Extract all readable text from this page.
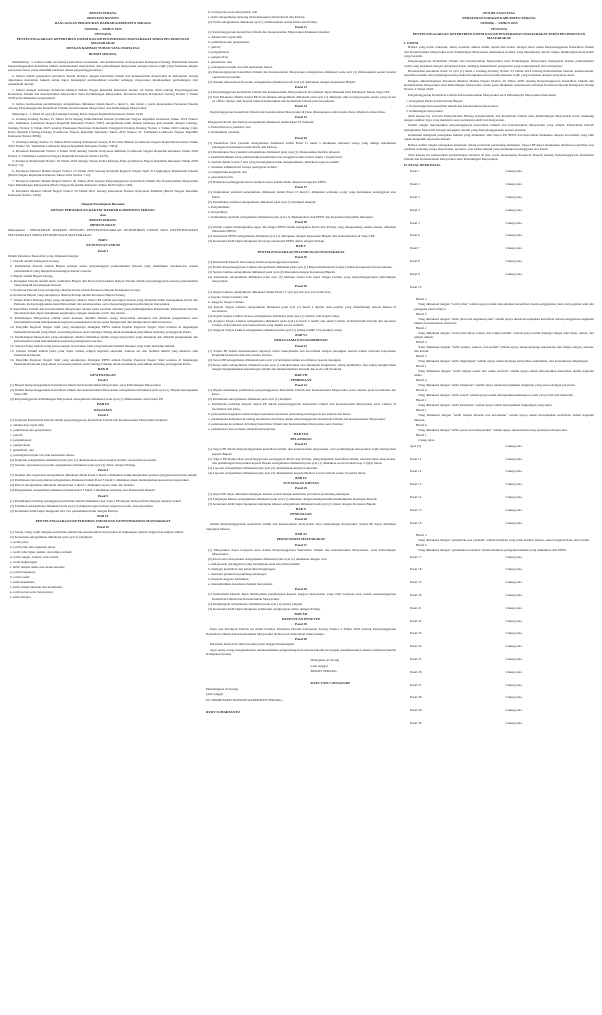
BUPATI SERANG
PROVINSI BANTEN
RANCANGAN PERATURAN DAERAH KABUPATEN SERANG
NOMOR ... TAHUN 2025
TENTANG
PENYELENGGARAAN KETERTIBAN UMUM DAN KETENTERAMAN MASYARAKAT SERTA PELINDUNGAN MASYARAKAT
DENGAN RAHMAT TUHAN YANG MAHA ESA
BUPATI SERANG,

Menimbang : a. bahwa untuk terciptanya ketertiban, keamanan, dan ketenteraman di masyarakat Kabupaten Serang, Pemerintah Daerah menyelenggarakan ketertiban umum, ketenteraman masyarakat, dan perlindungan masyarakat sebagai urusan wajib yang berkaitan dengan pelayanan dasar, perlu memiliki landasan dalam penyelenggaraannya;

b. bahwa dalam penegakan peraturan daerah terdapat dengan ketertiban umum dan ketenteraman masyarakat di Kabupaten Serang diperlukan instrumen hukum untuk dapat menangani permasalahan tersebut sehingga masyarakat mendapatkan perlindungan dari pemerintah daerah;

c. bahwa dengan terbitnya Peraturan Menteri Dalam Negeri Republik Indonesia Nomor 26 Tahun 2020 tentang Penyelenggaraan Ketertiban Umum dan Ketenteraman Masyarakat Serta Perlindungan Masyarakat, Peraturan Daerah Kabupaten Serang Nomor 2 Tahun 2018 perlu dilakukan penyesuaian;

d. bahwa berdasarkan pertimbangan sebagaimana dimaksud dalam huruf a, huruf b, dan huruf c, perlu menetapkan Peraturan Daerah tentang Penyelenggaraan Ketertiban Umum, Ketenteraman Masyarakat, dan Pelindungan Masyarakat;

Mengingat : 1. Pasal 18 ayat (6) Undang-Undang Dasar Negara Republik Indonesia Tahun 1945;

2. Undang-Undang Nomor 23 Tahun 2014 tentang Pemerintahan Daerah (Lembaran Negara Republik Indonesia Tahun 2014 Nomor 244, Tambahan Lembaran Negara Republik Indonesia Nomor 5587) sebagaimana telah diubah beberapa kali terakhir dengan Undang-Undang Nomor 6 Tahun 2023 tentang Penetapan Peraturan Pemerintah Pengganti Undang-Undang Nomor 2 Tahun 2022 tentang Cipta Kerja menjadi Undang-Undang (Lembaran Negara Republik Indonesia Tahun 2023 Nomor 41, Tambahan Lembaran Negara Republik Indonesia Nomor 6856);

3. Undang-Undang Nomor 15 Tahun 2024 tentang Kabupaten Serang di Provinsi Banten (Lembaran Negara Republik Indonesia Tahun 2024 Nomor 93, Tambahan Lembaran Negara Republik Indonesia Nomor 7004);

4. Peraturan Pemerintah Nomor 2 Tahun 2018 tentang Standar Pelayanan Minimal (Lembaran Negara Republik Indonesia Tahun 2018 Nomor 2, Tambahan Lembaran Negara Republik Indonesia Nomor 6178);

5. Peraturan Pemerintah Nomor 16 Tahun 2018 tentang Satuan Polisi Pamong Praja (Lembaran Negara Republik Indonesia Tahun 2018 Nomor 72);

6. Peraturan Menteri Dalam Negeri Nomor 25 Tahun 2019 tentang Penyidik Pegawai Negeri Sipil di Lingkungan Pemerintah Daerah (Berita Negara Republik Indonesia Tahun 2019 Nomor 714);

7. Peraturan Menteri Dalam Negeri Nomor 26 Tahun 2020 tentang Penyelenggaraan Ketertiban Umum dan Ketenteraman Masyarakat Serta Pelindungan Masyarakat (Berita Negara Republik Indonesia Tahun 2020 Nomor 548);

8. Peraturan Menteri Dalam Negeri Nomor 59 Tahun 2021 tentang Penerapan Standar Pelayanan Minimal (Berita Negara Republik Indonesia Nomor 1419);

Dengan Persetujuan Bersama
DEWAN PERWAKILAN RAKYAT DAERAH KABUPATEN SERANG
dan
BUPATI SERANG
MEMUTUSKAN:

Menetapkan : PERATURAN DAERAH TENTANG PENYELENGGARAAN KETERTIBAN UMUM DAN KETENTERAMAN MASYARAKAT SERTA PELINDUNGAN MASYARAKAT.

BAB I
KETENTUAN UMUM
Pasal 1

Dalam Peraturan Daerah ini yang dimaksud dengan:

1. Daerah adalah Kabupaten Serang.

2. Pemerintah Daerah adalah Bupati sebagai unsur penyelenggara pemerintahan Daerah yang memimpin pelaksanaan urusan pemerintahan yang menjadi kewenangan daerah otonom.

3. Bupati adalah Bupati Serang.

4. Perangkat Daerah adalah unsur pembantu Bupati dan Dewan Perwakilan Rakyat Daerah dalam penyelenggaraan urusan pemerintahan yang menjadi kewenangan Daerah.

5. Peraturan Daerah yang selanjutnya disebut Perda adalah Peraturan Daerah Kabupaten Serang.

6. Peraturan Bupati yang selanjutnya disebut Perbup adalah Peraturan Bupati Serang.

7. Satuan Polisi Pamong Praja yang selanjutnya disebut Satpol PP adalah perangkat daerah yang dibentuk untuk menegakkan Perda dan Perkada, menyelenggarakan ketertiban umum dan ketenteraman, serta menyelenggarakan pelindungan masyarakat.

8. Ketertiban Umum dan Ketenteraman Masyarakat adalah suatu keadaan dinamis yang memungkinkan Pemerintah, Pemerintah Daerah, dan masyarakat dapat melakukan kegiatannya dengan tenteram, tertib, dan teratur.

9. Pelindungan Masyarakat adalah suatu keadaan dinamis dimana warga masyarakat disiapkan dan dibekali pengetahuan serta keterampilan untuk melaksanakan kegiatan penanganan bencana guna mengurangi dan memperkecil akibat bencana.

10. Penyidik Pegawai Negeri Sipil yang selanjutnya disingkat PPNS adalah Pejabat Pegawai Negeri Sipil tertentu di lingkungan Pemerintah Daerah yang diberi wewenang khusus oleh Undang-Undang untuk melakukan penyidikan terhadap pelanggaran Perda.

11. Perlindungan Masyarakat yang selanjutnya disebut Satlinmas adalah warga masyarakat yang disiapkan dan dibekali pengetahuan dan keterampilan untuk melaksanakan kegiatan penanganan bencana.

12. Setiap Orang adalah orang perseorangan atau badan, baik yang berbadan hukum maupun yang tidak berbadan hukum.

13. Tempat Umum adalah jalan, jalur hijau, taman, tempat kegiatan ekonomi, saluran air, dan fasilitas umum yang dikelola oleh Pemerintah Daerah.

14. Penyidik Pegawai Negeri Sipil yang selanjutnya disingkat PPNS adalah Pejabat Pegawai Negeri Sipil tertentu di lingkungan Pemerintah Daerah yang diberi wewenang khusus oleh Undang-Undang untuk melakukan penyidikan terhadap pelanggaran Perda.

BAB II
KEWENANGAN
Pasal 2

(1) Bupati menyelenggarakan Ketertiban Umum dan Ketenteraman Masyarakat, serta Pelindungan Masyarakat.

(2) Dalam menyelenggarakan Ketertiban Umum dan Ketenteraman Masyarakat sebagaimana dimaksud pada ayat (1), Bupati menugaskan Satpol PP.

(3) Penyelenggaraan Pelindungan Masyarakat sebagaimana dimaksud pada ayat (1) dilaksanakan oleh Satpol PP.

BAB III
KEGIATAN
Pasal 3

(1) Kegiatan Pemerintah Daerah dalam penyelenggaraan Ketertiban Umum dan Ketenteraman Masyarakat meliputi:

a. deteksi dan cegah dini;

b. pembinaan dan penyuluhan;

c. patroli;

d. pengamanan;

e. pengawalan;

f. penertiban; dan

g. penanganan unjuk rasa dan kerusuhan massa.

(2) Kegiatan sebagaimana dimaksud pada ayat (1) dilaksanakan sesuai dengan standar operasional prosedur.

(3) Standar operasional prosedur sebagaimana dimaksud pada ayat (2) diatur dengan Perbup.

Pasal 4

(1) Deteksi dan cegah dini sebagaimana dimaksud dalam Pasal 3 huruf a dilakukan untuk mengetahui potensi gangguan ketertiban umum.

(2) Pembinaan dan penyuluhan sebagaimana dimaksud dalam Pasal 3 huruf b dilakukan untuk meningkatkan kesadaran masyarakat.

(3) Patroli sebagaimana dimaksud dalam Pasal 3 huruf c dilakukan secara rutin dan berkala.

(4) Pengamanan sebagaimana dimaksud dalam Pasal 3 huruf d dilakukan terhadap aset Pemerintah Daerah.

Pasal 5

(1) Penindakan terhadap pelanggaran ketertiban umum dilakukan oleh Satpol PP dengan berkoordinasi dengan instansi terkait.

(2) Tindakan sebagaimana dimaksud pada ayat (1) meliputi teguran lisan, teguran tertulis, dan penertiban.

(3) Ketentuan lebih lanjut mengenai tata cara penindakan diatur dengan Perbup.

BAB IV
PENYELENGGARAAN KETERTIBAN UMUM DAN KETENTERAMAN MASYARAKAT
Pasal 10

(1) Setiap orang wajib menjaga ketertiban umum dan ketenteraman masyarakat di lingkungan tempat tinggal dan tempat umum.

(2) Ketentuan sebagaimana dimaksud pada ayat (1) meliputi:

a. tertib jalan;

b. tertib jalan dan angkutan jalan;

c. tertib jalur hijau, taman, dan tempat umum;

d. tertib sungai, saluran, dan kolam;

e. tertib lingkungan;

f. tertib tempat usaha dan usaha tertentu;

g. tertib bangunan;

h. tertib sosial;

i. tertib kesehatan;

j. tertib tempat hiburan dan keramaian;

k. tertib peran serta masyarakat;

l. tertib lainnya.

h. tertib peran serta masyarakat; dan

i. tertib sebagaimana tertuang telah ditetapkan dalam Perda dan Perbup.

(2) Tertib sebagaimana dimaksud ayat (1) dilaksanakan sesuai Perda dan Perbup.

Pasal 11

(1) Penyelenggaraan Ketertiban Umum dan Ketenteraman Masyarakat dilakukan melalui:

a. deteksi dan cegah dini;

b. pembinaan dan penyuluhan;

c. patroli;

d. pengamanan;

e. pengawalan;

f. penertiban; dan

g. penanganan unjuk rasa dan kerusuhan massa.

(2) Penyelenggaraan Ketertiban Umum dan Ketenteraman Masyarakat sebagaimana dimaksud pada ayat (1) dilaksanakan sesuai standar operasional prosedur.

(3) Standar Operasional Prosedur sebagaimana dimaksud pada ayat (2) ditetapkan dengan Keputusan Bupati.

Pasal 13

(1) Penyelenggaraan Ketertiban Umum dan Ketenteraman Masyarakat di Kecamatan dapat dibentuk Unit Pelaksana Teknis Satpol PP.

(2) Unit Pelaksana Teknis Satpol PP di kecamatan sebagaimana dimaksud pada ayat (1) dipimpin oleh seorang kepala satuan yang secara ex officio dijabat oleh Kepala Seksi Ketenteraman dan Ketertiban Umum pada kecamatan.

Pasal 14

Penyelenggaraan Ketertiban Umum dan Ketenteraman Masyarakat di Desa dilaksanakan oleh Kepala Desa dibantu Linmas Desa.

Pasal 15

Pengenaan Perda dan Perbup sebagaimana dimaksud dalam Pasal 10 meliputi:

a. Penertiban non yustisial; dan

b. Penindakan yustisial.

Pasal 16

(1) Penertiban Non yustisial sebagaimana dimaksud dalam Pasal 15 huruf a dilakukan terhadap warga yang diduga melakukan pelanggaran ketentuan dalam Perda dan Perbup.

(2) Penindakan Non yustisial sebagaimana dimaksud pada ayat (1) dilaksanakan melalui tahapan:

a. memberitahukan surat pemberitahuan kemudian dan sanggah tertulis dalam waktu 7 (tujuh) hari;

b. apabila dalam waktu 7 hari yang bersangkutan tidak mengindahkan, diberikan teguran tertulis;

c. tindakan administratif berupa peringatan tertulis;

d. penghentian kegiatan; dan

e. pencabutan izin.

(3) Dalam hal pelanggaran Perda terdapat unsur pidana maka dilaporkan kepada PPNS.

Pasal 17

(1) Penindakan yustisial sebagaimana dimaksud dalam Pasal 15 huruf b dilakukan terhadap orang yang melakukan pelanggaran atas Perda.

(2) Penindakan yustisial sebagaimana dimaksud pada ayat (1) meliputi tahapan:

a. Penyelidikan;

b. Penyidikan;

c. Penindakan yustisial sebagaimana dimaksud pada ayat (1) dilaksanakan oleh PPNS dan Kepolisian Republik Indonesia.

Pasal 18

(1) Dalam rangka meningkatkan tugas dan fungsi PPNS dalam penegakan Perda dan Perbup yang mengandung sanksi pidana, dibentuk Sekretariat PPNS.

(2) Sekretariat PPNS sebagaimana dimaksud ayat (1) ditetapkan dengan Keputusan Bupati dan berkedudukan di Satpol PP.

(3) Ketentuan lebih lanjut mengenai tata kerja sekretariat PPNS diatur dengan Perbup.

BAB V
PENYELENGGARAAN PELINDUNGAN MASYARAKAT
Pasal 19

(1) Pemerintah Daerah berwenang dalam penyelenggaraan Linmas.

(2) Dalam Penyelenggaraan Linmas sebagaimana dimaksud pada ayat (1) Bupati membentuk Satgas Linmas Kabupaten dan kecamatan.

(3) Satgas Linmas sebagaimana dimaksud pada ayat (2) ditetapkan dengan Keputusan Bupati.

(4) Keputusan sebagaimana dimaksud pada ayat (3) memuat antara lain tugas Satgas Linmas yang menyelenggarakan pelindungan masyarakat.

Pasal 20

(1) Satgas Linmas sebagaimana dimaksud dalam Pasal 17 ayat (2) dan ayat (3) terdiri atas:

a. Kepala Satgas Linmas; dan

b. Anggota Satgas Linmas.

(2) Kepala Satgas Linmas sebagaimana dimaksud pada ayat (1) huruf a dijabat oleh pejabat yang membidangi urusan linmas di kecamatan.

(3) Kepala Satgas Linmas di desa sebagaimana dimaksud pada ayat (1) dijabat oleh Kepala Desa.

(4) Anggota Satgas Linmas sebagaimana dimaksud pada ayat (1) huruf b terdiri atas unsur Linmas di Pemerintah Daerah dan Aparatur Linmas di Kecamatan dan Sukarelawan yang dipilih secara selektif.

(5) Anggota Satgas Linmas sebagaimana dimaksud pada ayat (1) paling sedikit 10 (sepuluh) orang.

BAB VI
KERJA SAMA DAN KOORDINASI
Pasal 21

(1) Satpol PP dalam melaksanakan tugasnya dapat bekerjasama dan koordinasi dengan perangkat daerah terkait dan/atau Kepolisian Republik Indonesia dan/atau tentara lainnya.

(2) Satpol PP sebagaimana dimaksud pada ayat (1) bertindak selaku koordinator operasi lapangan.

(3) Kerja sama sebagaimana dimaksud pada ayat (1) dilaksanakan atas hubungan fungsional, saling membantu, dan saling menghormati dengan mengutamakan kepentingan umum dan memperhatikan hierarki dan kode etik birokrasi.

BAB VII
PEMBINAAN
Pasal 22

(1) Bupati melakukan pembinaan penyelenggaraan Ketertiban Umum dan Ketenteraman Masyarakat serta Linmas pada kecamatan dan Desa.

(2) Pembinaan sebagaimana dimaksud pada ayat (1) meliputi:

a. Pembinaan terhadap Kepala Satpol PP dalam penyelenggaraan Ketertiban Umum dan Ketenteraman Masyarakat serta Linmas di kecamatan dan Desa.

b. penyusunan Kegiatan sesuai dengan ketentuan peraturan perundang-undangan di kecamatan dan Desa;

c. pelaksanaan kebijakan di bidang kecamatan dan Desa dalam penyelenggaraan Ketertiban Umum dan Ketenteraman Masyarakat;

d. pelaksanaan koordinasi di bidang Ketertiban Umum dan Ketenteraman Masyarakat serta Linmas;

e. pemantauan dan evaluasi pelaksanaan kegiatan.

BAB VIII
PELAPORAN
Pasal 23

(1) Satpol PP dalam menyelenggarakan ketertiban umum, dan ketenteraman masyarakat, serta pelindungan masyarakat wajib melaporkan kepada Bupati.

(2) Satpol PP melaporkan penyelenggaraan pelanggaran Perda dan Perbup, menyampaikan ketertiban umum, ketenteraman masyarakat, dan pelindungan masyarakat kepada Bupati sebagaimana dimaksud pada ayat (1) dilakukan secara berkala tiap 3 (tiga) bulan.

(3) Laporan sebagaimana dimaksud pada ayat (2) disampaikan kepada Gubernur.

(4) Laporan sebagaimana dimaksud pada ayat (3) disampaikan kepada Menteri secara berkala setiap 6 (enam) bulan.

BAB IX
TUNJANGAN KHUSUS
Pasal 25

(1) Satpol PP dapat diberikan tunjangan khusus sesuai dengan ketentuan peraturan perundang-undangan.

(2) Tunjangan khusus sebagaimana dimaksud pada ayat (1) diberikan dengan memperhatikan kemampuan keuangan Daerah.

(3) Ketentuan lebih lanjut mengenai tunjangan khusus sebagaimana dimaksud pada ayat (1) diatur dengan Peraturan Bupati.

BAB X
PENDANAAN
Pasal 26

Dalam menyelenggarakan ketertiban umum dan ketenteraman masyarakat serta pelindungan masyarakat, Satpol PP dapat diberikan tunjangan khusus.

BAB XI
PERAN SERTA MASYARAKAT
Pasal 27

(1) Masyarakat dapat berperan serta dalam Penyelenggaraan Ketertiban Umum dan Ketenteraman Masyarakat, serta Pelindungan Masyarakat.

(2) Peran serta masyarakat sebagaimana dimaksud pada ayat (1) dilakukan dengan cara:

a. melaporkan pelanggaran yang berdampak pada ketertiban umum;

b. menjaga ketertiban dan kebersihan lingkungan;

c. mentaati peraturan perundang-undangan;

d. menjadi anggota Satlinmas;

e. menumbuhkan kesadaran hukum masyarakat.

Pasal 28

(1) Pemerintah Daerah dapat memberikan penghargaan kepada anggota masyarakat yang telah berperan serta dalam penyelenggaraan Ketertiban Umum dan Ketenteraman Masyarakat.

(2) Penghargaan sebagaimana dimaksud pada ayat (1) berupa piagam.

(3) Ketentuan lebih lanjut mengenai pemberian penghargaan diatur dengan Perbup.

BAB XII
KETENTUAN PENUTUP
Pasal 29

Pada saat Peraturan Daerah ini mulai berlaku, Peraturan Daerah Kabupaten Serang Nomor 2 Tahun 2018 tentang Penyelenggaraan Ketertiban Umum dan Ketenteraman Masyarakat dicabut dan dinyatakan tidak berlaku.

Pasal 30

Peraturan Daerah ini mulai berlaku pada tanggal diundangkan.

Agar setiap orang mengetahuinya, memerintahkan pengundangan Peraturan Daerah ini dengan penempatannya dalam Lembaran Daerah Kabupaten Serang.

Ditetapkan di Serang
pada tanggal
BUPATI SERANG,
RATU TATU CHASANAH
Diundangkan di Serang
pada tanggal
Plt. SEKRETARIS DAERAH KABUPATEN SERANG,
RUDY SUHARTANTO
PENJELASAN ATAS
PERATURAN DAERAH KABUPATEN SERANG
NOMOR ... TAHUN 2025
TENTANG
PENYELENGGARAAN KETERTIBAN UMUM DAN KETENTERAMAN MASYARAKAT SERTA PELINDUNGAN MASYARAKAT
I. UMUM

Bahwa yang tertib, tenteram, aman, nyaman, damai, indah, bersih dan teratur sebagai dasar untuk Penyelenggaraan Ketertiban Umum dan Ketenteraman Masyarakat serta Pelindungan Masyarakat merupakan kondisi yang mendukung dalam rangka membangun masyarakat yang beradab.

Penyelenggaraan Ketertiban Umum dan Ketenteraman Masyarakat serta Pelindungan Masyarakat merupakan urusan pemerintahan wajib yang berkaitan dengan pelayanan dasar, sehingga memerlukan pengaturan yang komprehensif dan terintegrasi.

Berdasarkan ketentuan Pasal 12 ayat (1) huruf e Undang-Undang Nomor 23 Tahun 2014 tentang Pemerintahan Daerah, ketenteraman, ketertiban umum dan pelindungan masyarakat merupakan urusan pemerintahan wajib yang berkaitan dengan pelayanan dasar.

Dengan dikeluarkannya Peraturan Menteri Dalam Negeri Nomor 26 Tahun 2020 tentang Penyelenggaraan Ketertiban Umum dan Ketenteraman Masyarakat serta Pelindungan Masyarakat, maka perlu dilakukan penyesuaian terhadap Peraturan Daerah Kabupaten Serang Nomor 2 Tahun 2018.

Penyelenggaraan Ketertiban Umum dan Ketenteraman Masyarakat serta Pelindungan Masyarakat mencakup:

1. Penegakan Perda dan Peraturan Bupati;

2. Penyelenggaraan ketertiban umum dan ketenteraman masyarakat;

3. Pelindungan masyarakat.

Oleh karena itu, Ujicoba Pemerintahan Bidang Ketenteraman dan Ketertiban Umum serta Perlindungan Masyarakat harus didukung dengan sumber daya yang memadai serta partisipasi aktif dari masyarakat.

Dalam rangka mewujudkan penyelenggaraan Ketertiban Umum dan Ketenteraman Masyarakat yang efektif, Pemerintah Daerah menugaskan Satpol PP sebagai perangkat daerah yang menyelenggarakan urusan tersebut.

Ketentuan mengenai penegakan hukum yang dilakukan oleh Satpol PP, PPNS dan Kepolisian dilakukan dengan koordinasi yang baik untuk menjamin kepastian hukum.

Bahwa dalam rangka penegakan ketentuan dalam peraturan perundang-undangan, Satpol PP dapat melakukan tindakan penertiban non yustisial terhadap warga masyarakat, aparatur, atau badan hukum yang melakukan pelanggaran atas Perda.

Oleh karena itu berdasarkan pertimbangan tersebut di atas, perlu menetapkan Peraturan Daerah tentang Penyelenggaraan Ketertiban Umum dan Ketenteraman Masyarakat serta Pelindungan Masyarakat.

II. PASAL DEMI PASAL
Pasal 1	Cukup jelas.

Pasal 2	Cukup jelas.

Pasal 3	Cukup jelas.

Pasal 4	Cukup jelas.

Pasal 5	Cukup jelas.

Pasal 6	Cukup jelas.

Pasal 7	Cukup jelas.

Pasal 8	Cukup jelas.

Pasal 9	Cukup jelas.

Pasal 10	

Huruf a

Yang dimaksud dengan "tertib jalan" adalah upaya untuk mewujudkan ketertiban dalam penggunaan jalan oleh pejalan kaki dan pengguna jalan lainnya.

Huruf b

Yang dimaksud dengan "tertib jalan dan angkutan jalan" adalah upaya untuk mewujudkan ketertiban dalam penggunaan angkutan umum dan kendaraan bermotor.

Huruf c

Yang dimaksud dengan "tertib jalur hijau, taman, dan tempat umum" adalah upaya untuk menjaga fungsi jalur hijau, taman, dan tempat umum.

Huruf d

Yang dimaksud dengan "tertib sungai, saluran, dan kolam" adalah upaya untuk menjaga kelestarian dan fungsi sungai, saluran, dan kolam.

Huruf e

Yang dimaksud dengan "tertib lingkungan" adalah upaya untuk menjaga kebersihan, keindahan, dan kenyamanan lingkungan.

Huruf f

Yang dimaksud dengan "tertib tempat usaha dan usaha tertentu" adalah upaya untuk mewujudkan ketertiban dalam kegiatan usaha.

Huruf g

Yang dimaksud dengan "tertib bangunan" adalah upaya untuk mewujudkan bangunan yang sesuai dengan peraturan.

Huruf h

Yang dimaksud dengan "tertib sosial" adalah upaya untuk mewujudkan kehidupan sosial yang tertib dan harmonis.

Huruf i

Yang dimaksud dengan "tertib kesehatan" adalah upaya untuk mewujudkan lingkungan yang sehat.

Huruf j

Yang dimaksud dengan "tertib tempat hiburan dan keramaian" adalah upaya untuk mewujudkan ketertiban dalam kegiatan hiburan.

Huruf k

Yang dimaksud dengan "tertib peran serta masyarakat" adalah upaya untuk mendorong partisipasi masyarakat.

Huruf l

Cukup jelas.

Ayat (2)	Cukup jelas.

Pasal 11	Cukup jelas.

Pasal 12	Cukup jelas.

Pasal 13	Cukup jelas.

Pasal 14	Cukup jelas.

Pasal 15	Cukup jelas.

Pasal 16	Cukup jelas.

Huruf a

Yang dimaksud dengan "penertiban non yustisial" adalah tindakan yang tidak bersifat pidana, seperti teguran lisan dan tertulis.

Huruf b

Yang dimaksud dengan "penindakan yustisial" adalah tindakan penegakan hukum yang dilakukan oleh PPNS.

Pasal 17	Cukup jelas.

Pasal 18	Cukup jelas.

Pasal 19	Cukup jelas.

Pasal 20	Cukup jelas.

Pasal 21	Cukup jelas.

Pasal 22	Cukup jelas.

Pasal 23	Cukup jelas.

Pasal 24	Cukup jelas.

Pasal 25	Cukup jelas.

Pasal 26	Cukup jelas.

Pasal 27	Cukup jelas.

Pasal 28	Cukup jelas.

Pasal 29	Cukup jelas.

Pasal 30	Cukup jelas.
